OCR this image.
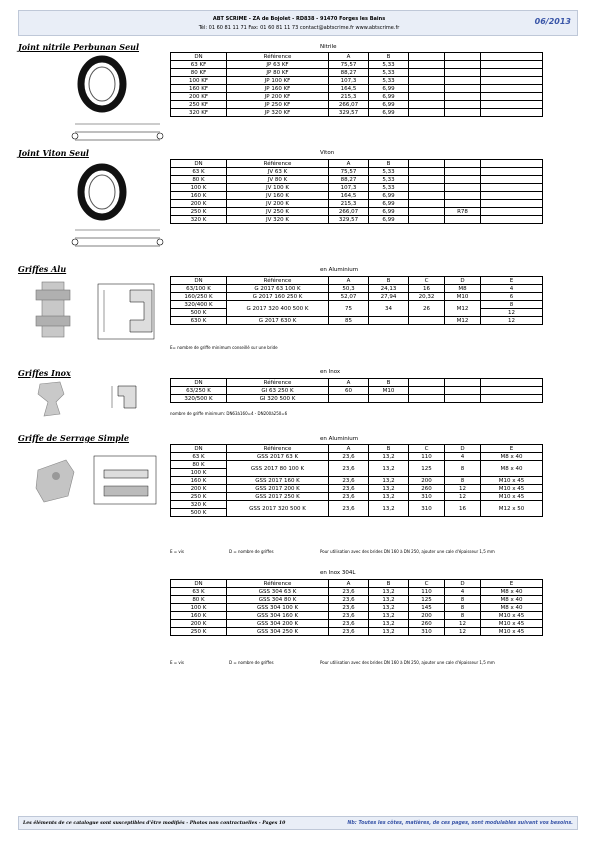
ABT SCRIME - ZA de Bojolet - RD838 - 91470 Forges les Bains
Tél: 01 60 81 11 71 Fax: 01 60 81 11 73 contact@abtscrime.fr www.abtscrime.fr
06/2013
Joint nitrile Perbunan Seul	Nitrile
DN	Référence	A	B			
63 KF	JP 63 KF	75,57	5,33			
80 KF	JP 80 KF	88,27	5,33			
100 KF	JP 100 KF	107,3	5,33			
160 KF	JP 160 KF	164,5	6,99			
200 KF	JP 200 KF	215,3	6,99			
250 KF	JP 250 KF	266,07	6,99			
320 KF	JP 320 KF	329,57	6,99			
Joint Viton Seul	Viton
DN	Référence	A	B			
63 K	JV 63 K	75,57	5,33			
80 K	JV 80 K	88,27	5,33			
100 K	JV 100 K	107,3	5,33			
160 K	JV 160 K	164,5	6,99			
200 K	JV 200 K	215,3	6,99			
250 K	JV 250 K	266,07	6,99		R78	
320 K	JV 320 K	329,57	6,99			
Griffes Alu	en Aluminium
DN	Référence	A	B	C	D	E
63/100 K	G 2017 63 100 K	50,3	24,13	16	M8	4
160/250 K	G 2017 160 250 K	52,07	27,94	20,32	M10	6
320/400 K	G 2017 320 400 500 K	75	34	26	M12	8
500 K						12
630 K	G 2017 630 K	85			M12	12
E= nombre de griffe minimum conseillé sur une bride
Griffes Inox	en Inox
DN	Référence	A	B			
63/250 K	GI 63 250 K	60	M10			
320/500 K	GI 320 500 K					
nombre de griffe minimum: DN63à160=4 - DN200à250=6
Griffe de Serrage Simple	en Aluminium
DN	Référence	A	B	C	D	E
63 K	GSS 2017 63 K	23,6	13,2	110	4	M8 x 40
80 K	GSS 2017 80 100 K	23,6	13,2	125	8	M8 x 40
100 K						
160 K	GSS 2017 160 K	23,6	13,2	200	8	M10 x 45
200 K	GSS 2017 200 K	23,6	13,2	260	12	M10 x 45
250 K	GSS 2017 250 K	23,6	13,2	310	12	M10 x 45
320 K	GSS 2017 320 500 K	23,6	13,2	310	16	M12 x 50
500 K						
E = vis	D = nombre de griffes	Pour utilisation avec des brides DN 160 à DN 250, ajouter une cale d'épaisseur 1,5 mm
en Inox 304L
DN	Référence	A	B	C	D	E
63 K	GSS 304 63 K	23,6	13,2	110	4	M8 x 40
80 K	GSS 304 80 K	23,6	13,2	125	8	M8 x 40
100 K	GSS 304 100 K	23,6	13,2	145	8	M8 x 40
160 K	GSS 304 160 K	23,6	13,2	200	8	M10 x 45
200 K	GSS 304 200 K	23,6	13,2	260	12	M10 x 45
250 K	GSS 304 250 K	23,6	13,2	310	12	M10 x 45
E = vis	D = nombre de griffes	Pour utilisation avec des brides DN 160 à DN 250, ajouter une cale d'épaisseur 1,5 mm
Les éléments de ce catalogue sont susceptibles d'être modifiés - Photos non contractuelles - Pages 10	Nb: Toutes les côtes, matières, de ces pages, sont modulables suivant vos besoins.
